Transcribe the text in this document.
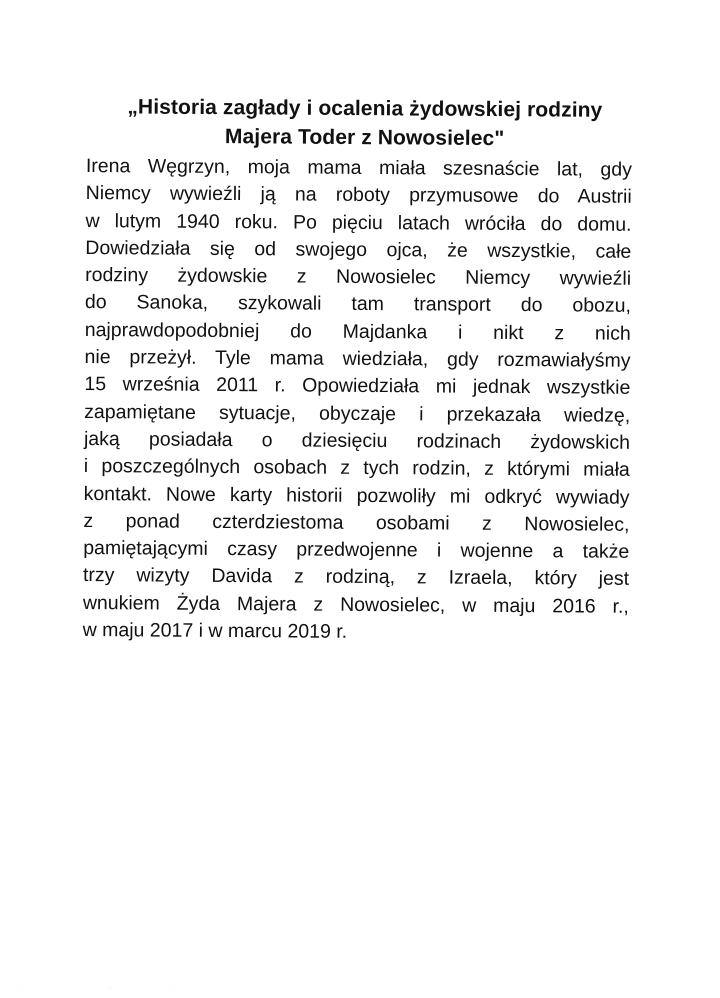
„Historia zagłady i ocalenia żydowskiej rodziny
Majera Toder z Nowosielec"
Irena Węgrzyn, moja mama miała szesnaście lat, gdy
Niemcy wywieźli ją na roboty przymusowe do Austrii
w lutym 1940 roku. Po pięciu latach wróciła do domu.
Dowiedziała się od swojego ojca, że wszystkie, całe
rodziny żydowskie z Nowosielec Niemcy wywieźli
do Sanoka, szykowali tam transport do obozu,
najprawdopodobniej do Majdanka i nikt z nich
nie przeżył. Tyle mama wiedziała, gdy rozmawiałyśmy
15 września 2011 r. Opowiedziała mi jednak wszystkie
zapamiętane sytuacje, obyczaje i przekazała wiedzę,
jaką posiadała o dziesięciu rodzinach żydowskich
i poszczególnych osobach z tych rodzin, z którymi miała
kontakt. Nowe karty historii pozwoliły mi odkryć wywiady
z ponad czterdziestoma osobami z Nowosielec,
pamiętającymi czasy przedwojenne i wojenne a także
trzy wizyty Davida z rodziną, z Izraela, który jest
wnukiem Żyda Majera z Nowosielec, w maju 2016 r.,
w maju 2017 i w marcu 2019 r.
